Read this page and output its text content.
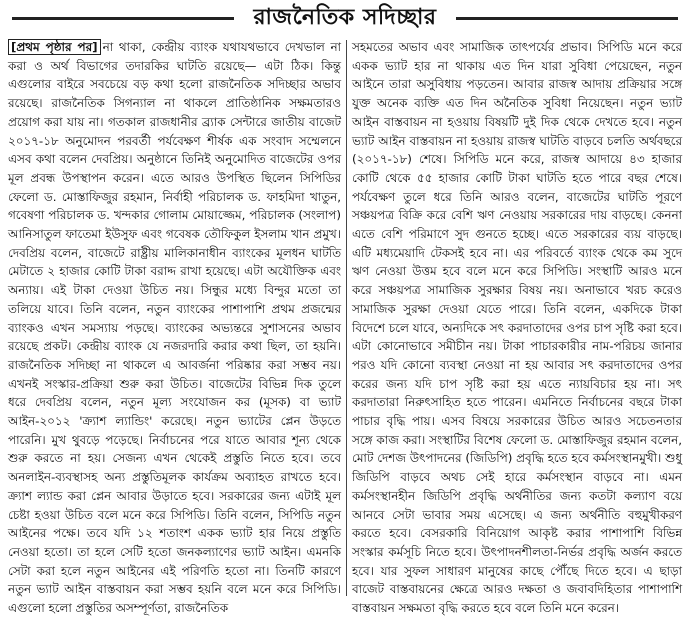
রাজনৈতিক সদিচ্ছার

[প্রথম পৃষ্ঠার পর] না থাকা, কেন্দ্রীয় ব্যাংক যথাযথভাবে দেখভাল না করা ও অর্থ বিভাগের তদারকির ঘাটতি রয়েছে— এটা ঠিক। কিন্তু এগুলোর বাইরে সবচেয়ে বড় কথা হলো রাজনৈতিক সদিচ্ছার অভাব রয়েছে। রাজনৈতিক সিগন্যাল না থাকলে প্রাতিষ্ঠানিক সক্ষমতারও প্রয়োগ করা যায় না। গতকাল রাজধানীর ব্র্যাক সেন্টারে জাতীয় বাজেট ২০১৭-১৮ অনুমোদন পরবর্তী পর্যবেক্ষণ শীর্ষক এক সংবাদ সম্মেলনে এসব কথা বলেন দেবপ্রিয়। অনুষ্ঠানে তিনিই অনুমোদিত বাজেটের ওপর মূল প্রবন্ধ উপস্থাপন করেন। এতে আরও উপস্থিত ছিলেন সিপিডির ফেলো ড. মোস্তাফিজুর রহমান, নির্বাহী পরিচালক ড. ফাহমিদা খাতুন, গবেষণা পরিচালক ড. খন্দকার গোলাম মোয়াজ্জেম, পরিচালক (সংলাপ) আনিসাতুল ফাতেমা ইউসুফ এবং গবেষক তৌফিকুল ইসলাম খান প্রমুখ। দেবপ্রিয় বলেন, বাজেটে রাষ্ট্রীয় মালিকানাধীন ব্যাংকের মূলধন ঘাটতি মেটাতে ২ হাজার কোটি টাকা বরাদ্দ রাখা হয়েছে। এটা অযৌক্তিক এবং অন্যায়। এই টাকা দেওয়া উচিত নয়। সিন্ধুর মধ্যে বিন্দুর মতো তা তলিয়ে যাবে। তিনি বলেন, নতুন ব্যাংকের পাশাপাশি প্রথম প্রজন্মের ব্যাংকও এখন সমস্যায় পড়ছে। ব্যাংকের অভ্যন্তরে সুশাসনের অভাব রয়েছে প্রকট। কেন্দ্রীয় ব্যাংক যে নজরদারি করার কথা ছিল, তা হয়নি। রাজনৈতিক সদিচ্ছা না থাকলে এ আবর্জনা পরিষ্কার করা সম্ভব নয়। এখনই সংস্কার-প্রক্রিয়া শুরু করা উচিত। বাজেটের বিভিন্ন দিক তুলে ধরে দেবপ্রিয় বলেন, নতুন মূল্য সংযোজন কর (মূসক) বা ভ্যাট আইন-২০১২ 'ক্র্যাশ ল্যান্ডিং' করেছে। নতুন ভ্যাটের প্লেন উড়তে পারেনি। মুখ থুবড়ে পড়েছে। নির্বাচনের পরে যাতে আবার শূন্য থেকে শুরু করতে না হয়। সেজন্য এখন থেকেই প্রস্তুতি নিতে হবে। তবে অনলাইন-ব্যবস্থাসহ অন্য প্রস্তুতিমূলক কার্যক্রম অব্যাহত রাখতে হবে। ক্র্যাশ ল্যান্ড করা প্লেন আবার উড়াতে হবে। সরকারের জন্য এটাই মূল চেষ্টা হওয়া উচিত বলে মনে করে সিপিডি। তিনি বলেন, সিপিডি নতুন আইনের পক্ষে। তবে যদি ১২ শতাংশ একক ভ্যাট হার নিয়ে প্রস্তুতি নেওয়া হতো। তা হলে সেটি হতো জনকল্যাণের ভ্যাট আইন। এমনকি সেটা করা হলে নতুন আইনের এই পরিণতি হতো না। তিনটি কারণে নতুন ভ্যাট আইন বাস্তবায়ন করা সম্ভব হয়নি বলে মনে করে সিপিডি। এগুলো হলো প্রস্তুতির অসম্পূর্ণতা, রাজনৈতিক

সহমতের অভাব এবং সামাজিক তাৎপর্যের প্রভাব। সিপিডি মনে করে একক ভ্যাট হার না থাকায় এত দিন যারা সুবিধা পেয়েছেন, নতুন আইনে তারা অসুবিধায় পড়তেন। আবার রাজস্ব আদায় প্রক্রিয়ার সঙ্গে যুক্ত অনেক ব্যক্তি এত দিন অনৈতিক সুবিধা নিয়েছেন। নতুন ভ্যাট আইন বাস্তবায়ন না হওয়ায় বিষয়টি দুই দিক থেকে দেখতে হবে। নতুন ভ্যাট আইন বাস্তবায়ন না হওয়ায় রাজস্ব ঘাটতি বাড়বে চলতি অর্থবছরে (২০১৭-১৮) শেষে। সিপিডি মনে করে, রাজস্ব আদায়ে ৪৩ হাজার কোটি থেকে ৫৫ হাজার কোটি টাকা ঘাটতি হতে পারে বছর শেষে। পর্যবেক্ষণ তুলে ধরে তিনি আরও বলেন, বাজেটের ঘাটতি পূরণে সঞ্চয়পত্র বিক্রি করে বেশি ঋণ নেওয়ায় সরকারের দায় বাড়ছে। কেননা এতে বেশি পরিমাণে সুদ গুনতে হচ্ছে। এতে সরকারের ব্যয় বাড়ছে। এটি মধ্যমেয়াদি টেকসই হবে না। এর পরিবর্তে ব্যাংক থেকে কম সুদে ঋণ নেওয়া উত্তম হবে বলে মনে করে সিপিডি। সংস্থাটি আরও মনে করে সঞ্চয়পত্র সামাজিক সুরক্ষার বিষয় নয়। অনাভাবে খরচ করেও সামাজিক সুরক্ষা দেওয়া যেতে পারে। তিনি বলেন, একদিকে টাকা বিদেশে চলে যাবে, অন্যদিকে সৎ করদাতাদের ওপর চাপ সৃষ্টি করা হবে। এটা কোনোভাবে সমীচীন নয়। টাকা পাচারকারীর নাম-পরিচয় জানার পরও যদি কোনো ব্যবস্থা নেওয়া না হয় আবার সৎ করদাতাদের ওপর করের জন্য যদি চাপ সৃষ্টি করা হয় এতে ন্যায়বিচার হয় না। সৎ করদাতারা নিরুৎসাহিত হতে পারেন। এমনিতে নির্বাচনের বছরে টাকা পাচার বৃদ্ধি পায়। এসব বিষয়ে সরকারের উচিত আরও সচেতনতার সঙ্গে কাজ করা। সংস্থাটির বিশেষ ফেলো ড. মোস্তাফিজুর রহমান বলেন, মোট দেশজ উৎপাদনের (জিডিপি) প্রবৃদ্ধি হতে হবে কর্মসংস্থানমুখী। শুধু জিডিপি বাড়বে অথচ সেই হারে কর্মসংস্থান বাড়বে না। এমন কর্মসংস্থানহীন জিডিপি প্রবৃদ্ধি অর্থনীতির জন্য কতটা কল্যাণ বয়ে আনবে সেটা ভাবার সময় এসেছে। এ জন্য অর্থনীতি বহুমুখীকরণ করতে হবে। বেসরকারি বিনিয়োগ আকৃষ্ট করার পাশাপাশি বিভিন্ন সংস্কার কর্মসূচি নিতে হবে। উৎপাদনশীলতা-নির্ভর প্রবৃদ্ধি অর্জন করতে হবে। যার সুফল সাধারণ মানুষের কাছে পৌঁছে দিতে হবে। এ ছাড়া বাজেট বাস্তবায়নের ক্ষেত্রে আরও দক্ষতা ও জবাবদিহিতার পাশাপাশি বাস্তবায়ন সক্ষমতা বৃদ্ধি করতে হবে বলে তিনি মনে করেন।
